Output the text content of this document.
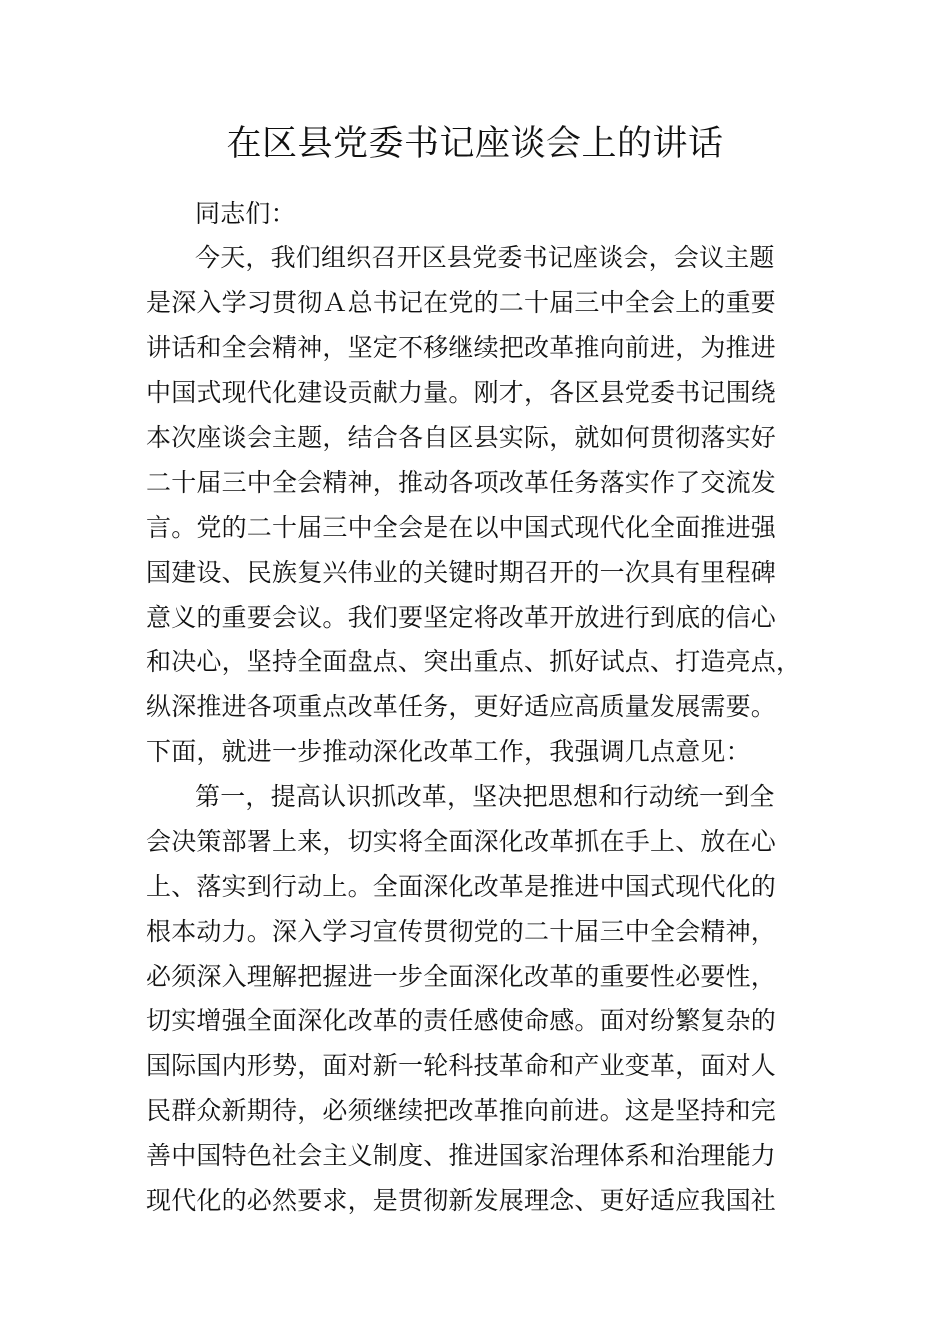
在区县党委书记座谈会上的讲话

同志们：

今天，我们组织召开区县党委书记座谈会，会议主题

是深入学习贯彻Ａ总书记在党的二十届三中全会上的重要

讲话和全会精神，坚定不移继续把改革推向前进，为推进

中国式现代化建设贡献力量。刚才，各区县党委书记围绕

本次座谈会主题，结合各自区县实际，就如何贯彻落实好

二十届三中全会精神，推动各项改革任务落实作了交流发

言。党的二十届三中全会是在以中国式现代化全面推进强

国建设、民族复兴伟业的关键时期召开的一次具有里程碑

意义的重要会议。我们要坚定将改革开放进行到底的信心

和决心，坚持全面盘点、突出重点、抓好试点、打造亮点，

纵深推进各项重点改革任务，更好适应高质量发展需要。

下面，就进一步推动深化改革工作，我强调几点意见：

第一，提高认识抓改革，坚决把思想和行动统一到全

会决策部署上来，切实将全面深化改革抓在手上、放在心

上、落实到行动上。全面深化改革是推进中国式现代化的

根本动力。深入学习宣传贯彻党的二十届三中全会精神，

必须深入理解把握进一步全面深化改革的重要性必要性，

切实增强全面深化改革的责任感使命感。面对纷繁复杂的

国际国内形势，面对新一轮科技革命和产业变革，面对人

民群众新期待，必须继续把改革推向前进。这是坚持和完

善中国特色社会主义制度、推进国家治理体系和治理能力

现代化的必然要求，是贯彻新发展理念、更好适应我国社
